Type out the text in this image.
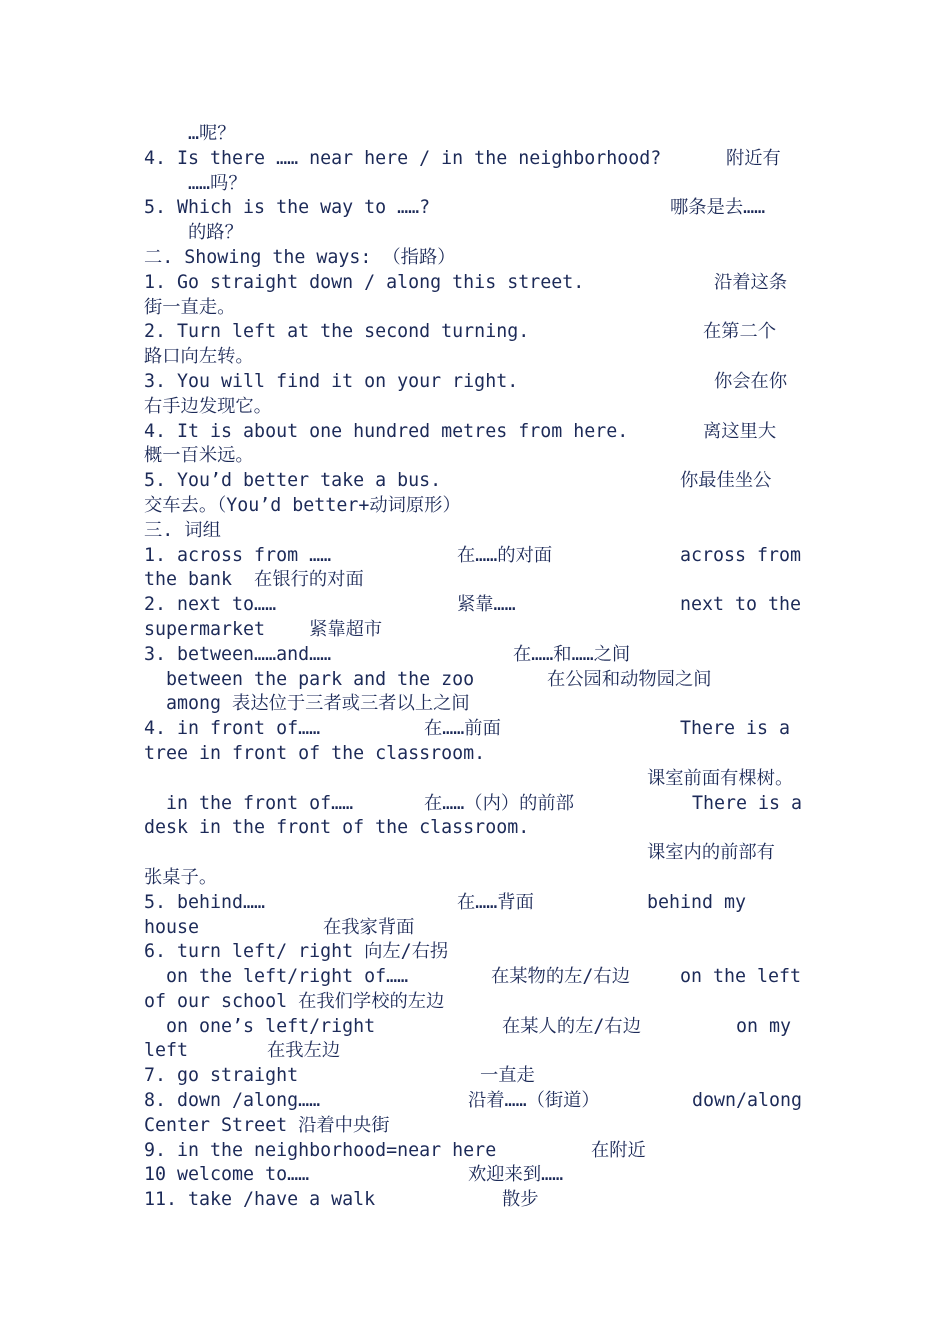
…呢？
4. Is there …… near here / in the neighborhood?	附近有
……吗？
5. Which is the way to ……?	哪条是去……
的路？
二. Showing the ways: （指路）
1. Go straight down / along this street.	沿着这条
街一直走。
2. Turn left at the second turning.	在第二个
路口向左转。
3. You will find it on your right.	你会在你
右手边发现它。
4. It is about one hundred metres from here.	离这里大
概一百米远。
5. You’d better take a bus.	你最佳坐公
交车去。（You’d better+动词原形）
三. 词组
1. across from ……	在……的对面	across from
the bank  在银行的对面
2. next to……	紧靠……	next to the
supermarket    紧靠超市
3. between……and……	在……和……之间
between the park and the zoo	在公园和动物园之间
among 表达位于三者或三者以上之间
4. in front of……	在……前面	There is a
tree in front of the classroom.
课室前面有棵树。
in the front of……	在……（内）的前部	There is a
desk in the front of the classroom.
课室内的前部有
张桌子。
5. behind……	在……背面	behind my
house	在我家背面
6. turn left/ right 向左/右拐
on the left/right of……	在某物的左/右边	on the left
of our school 在我们学校的左边
on one’s left/right	在某人的左/右边	on my
left	在我左边
7. go straight	一直走
8. down /along……	沿着……（街道）	down/along
Center Street 沿着中央街
9. in the neighborhood=near here	在附近
10 welcome to……	欢迎来到……
11. take /have a walk	散步
